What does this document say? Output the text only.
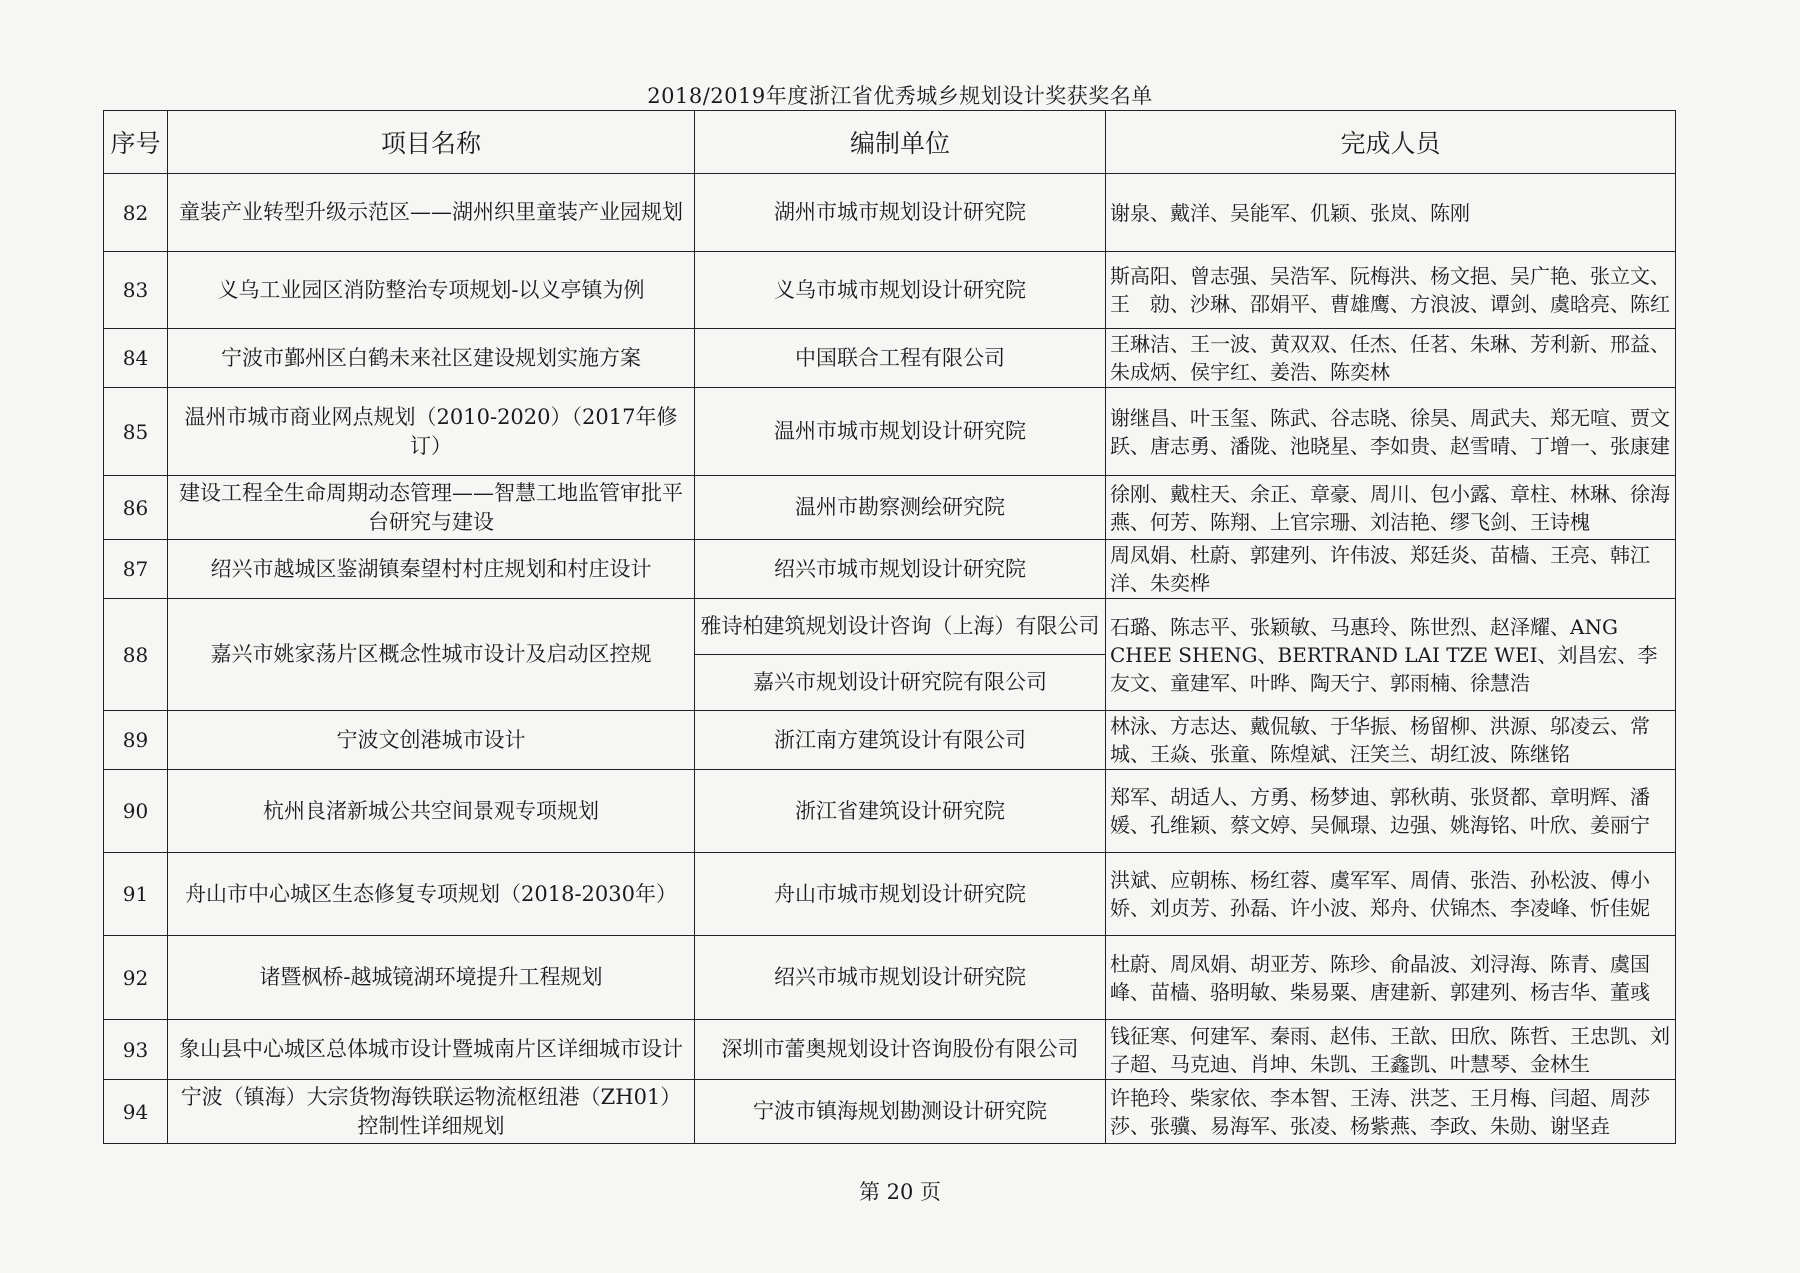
2018/2019年度浙江省优秀城乡规划设计奖获奖名单
序号	项目名称	编制单位	完成人员
82	童装产业转型升级示范区——湖州织里童装产业园规划	湖州市城市规划设计研究院	谢泉、戴洋、吴能军、仉颖、张岚、陈刚
83	义乌工业园区消防整治专项规划-以义亭镇为例	义乌市城市规划设计研究院	斯高阳、曾志强、吴浩军、阮梅洪、杨文挹、吴广艳、张立文、王　勍、沙琳、邵娟平、曹雄鹰、方浪波、谭剑、虞晗亮、陈红
84	宁波市鄞州区白鹤未来社区建设规划实施方案	中国联合工程有限公司	王琳洁、王一波、黄双双、任杰、任茗、朱琳、芳利新、邢益、朱成炳、侯宇红、姜浩、陈奕林
85	温州市城市商业网点规划（2010-2020）（2017年修订）	温州市城市规划设计研究院	谢继昌、叶玉玺、陈武、谷志晓、徐昊、周武夫、郑无喧、贾文跃、唐志勇、潘陇、池晓星、李如贵、赵雪晴、丁增一、张康建
86	建设工程全生命周期动态管理——智慧工地监管审批平台研究与建设	温州市勘察测绘研究院	徐刚、戴柱天、余正、章豪、周川、包小露、章柱、林琳、徐海燕、何芳、陈翔、上官宗珊、刘洁艳、缪飞剑、王诗槐
87	绍兴市越城区鉴湖镇秦望村村庄规划和村庄设计	绍兴市城市规划设计研究院	周凤娟、杜蔚、郭建列、许伟波、郑廷炎、苗樯、王亮、韩江洋、朱奕桦
88	嘉兴市姚家荡片区概念性城市设计及启动区控规	雅诗柏建筑规划设计咨询（上海）有限公司	石璐、陈志平、张颖敏、马惠玲、陈世烈、赵泽耀、ANG CHEE SHENG、BERTRAND LAI TZE WEI、刘昌宏、李友文、童建军、叶晔、陶天宁、郭雨楠、徐慧浩
		嘉兴市规划设计研究院有限公司	
89	宁波文创港城市设计	浙江南方建筑设计有限公司	林泳、方志达、戴侃敏、于华振、杨留柳、洪源、邬凌云、常城、王焱、张童、陈煌斌、汪笑兰、胡红波、陈继铭
90	杭州良渚新城公共空间景观专项规划	浙江省建筑设计研究院	郑军、胡适人、方勇、杨梦迪、郭秋萌、张贤都、章明辉、潘媛、孔维颖、蔡文婷、吴佩璟、边强、姚海铭、叶欣、姜丽宁
91	舟山市中心城区生态修复专项规划（2018-2030年）	舟山市城市规划设计研究院	洪斌、应朝栋、杨红蓉、虞军军、周倩、张浩、孙松波、傅小娇、刘贞芳、孙磊、许小波、郑舟、伏锦杰、李凌峰、忻佳妮
92	诸暨枫桥-越城镜湖环境提升工程规划	绍兴市城市规划设计研究院	杜蔚、周凤娟、胡亚芳、陈珍、俞晶波、刘浔海、陈青、虞国峰、苗樯、骆明敏、柴易粟、唐建新、郭建列、杨吉华、董彧
93	象山县中心城区总体城市设计暨城南片区详细城市设计	深圳市蕾奥规划设计咨询股份有限公司	钱征寒、何建军、秦雨、赵伟、王歆、田欣、陈哲、王忠凯、刘子超、马克迪、肖坤、朱凯、王鑫凯、叶慧琴、金林生
94	宁波（镇海）大宗货物海铁联运物流枢纽港（ZH01）控制性详细规划	宁波市镇海规划勘测设计研究院	许艳玲、柴家依、李本智、王涛、洪芝、王月梅、闫超、周莎莎、张骥、易海军、张凌、杨紫燕、李政、朱勋、谢坚垚
第 20 页
